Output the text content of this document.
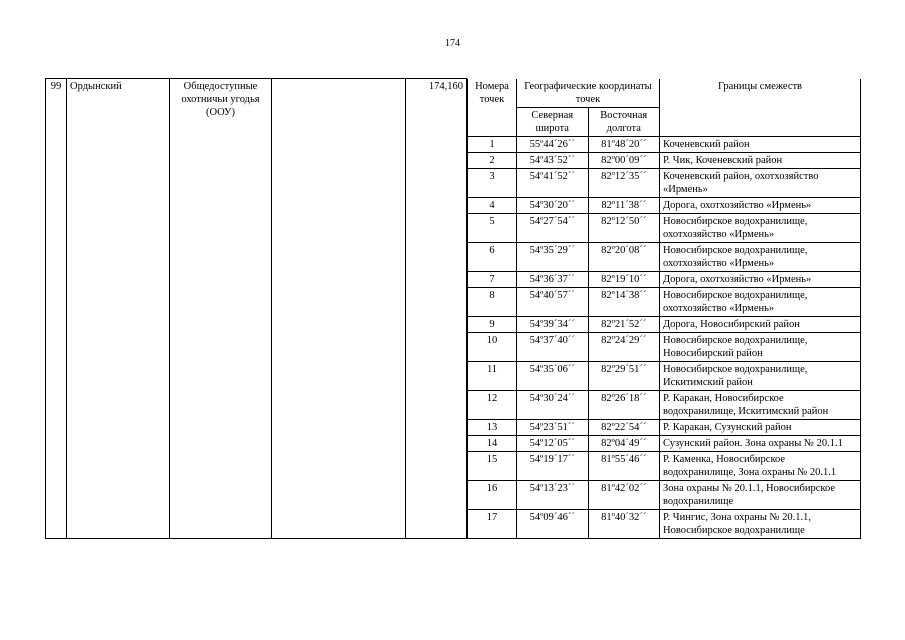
174
99	Ордынский	Общедоступные охотничьи угодья (ООУ)		174,160	Номера точек	Географические координаты точек	Границы смежеств
Северная широта	Восточная долгота
1	55º44´26´´	81º48´20´´	Коченевский район
2	54º43´52´´	82º00´09´´	Р. Чик, Коченевский район
3	54º41´52´´	82º12´35´´	Коченевский район, охотхозяйство «Ирмень»
4	54º30´20´´	82º11´38´´	Дорога, охотхозяйство «Ирмень»
5	54º27´54´´	82º12´50´´	Новосибирское водохранилище, охотхозяйство «Ирмень»
6	54º35´29´´	82º20´08´´	Новосибирское водохранилище, охотхозяйство «Ирмень»
7	54º36´37´´	82º19´10´´	Дорога, охотхозяйство «Ирмень»
8	54º40´57´´	82º14´38´´	Новосибирское водохранилище, охотхозяйство «Ирмень»
9	54º39´34´´	82º21´52´´	Дорога, Новосибирский район
10	54º37´40´´	82º24´29´´	Новосибирское водохранилище, Новосибирский район
11	54º35´06´´	82º29´51´´	Новосибирское водохранилище, Искитимский район
12	54º30´24´´	82º26´18´´	Р. Каракан, Новосибирское водохранилище, Искитимский район
13	54º23´51´´	82º22´54´´	Р. Каракан, Сузунский район
14	54º12´05´´	82º04´49´´	Сузунский район. Зона охраны № 20.1.1
15	54º19´17´´	81º55´46´´	Р. Каменка, Новосибирское водохранилище, Зона охраны № 20.1.1
16	54º13´23´´	81º42´02´´	Зона охраны № 20.1.1, Новосибирское водохранилище
17	54º09´46´´	81º40´32´´	Р. Чингис, Зона охраны № 20.1.1, Новосибирское водохранилище
